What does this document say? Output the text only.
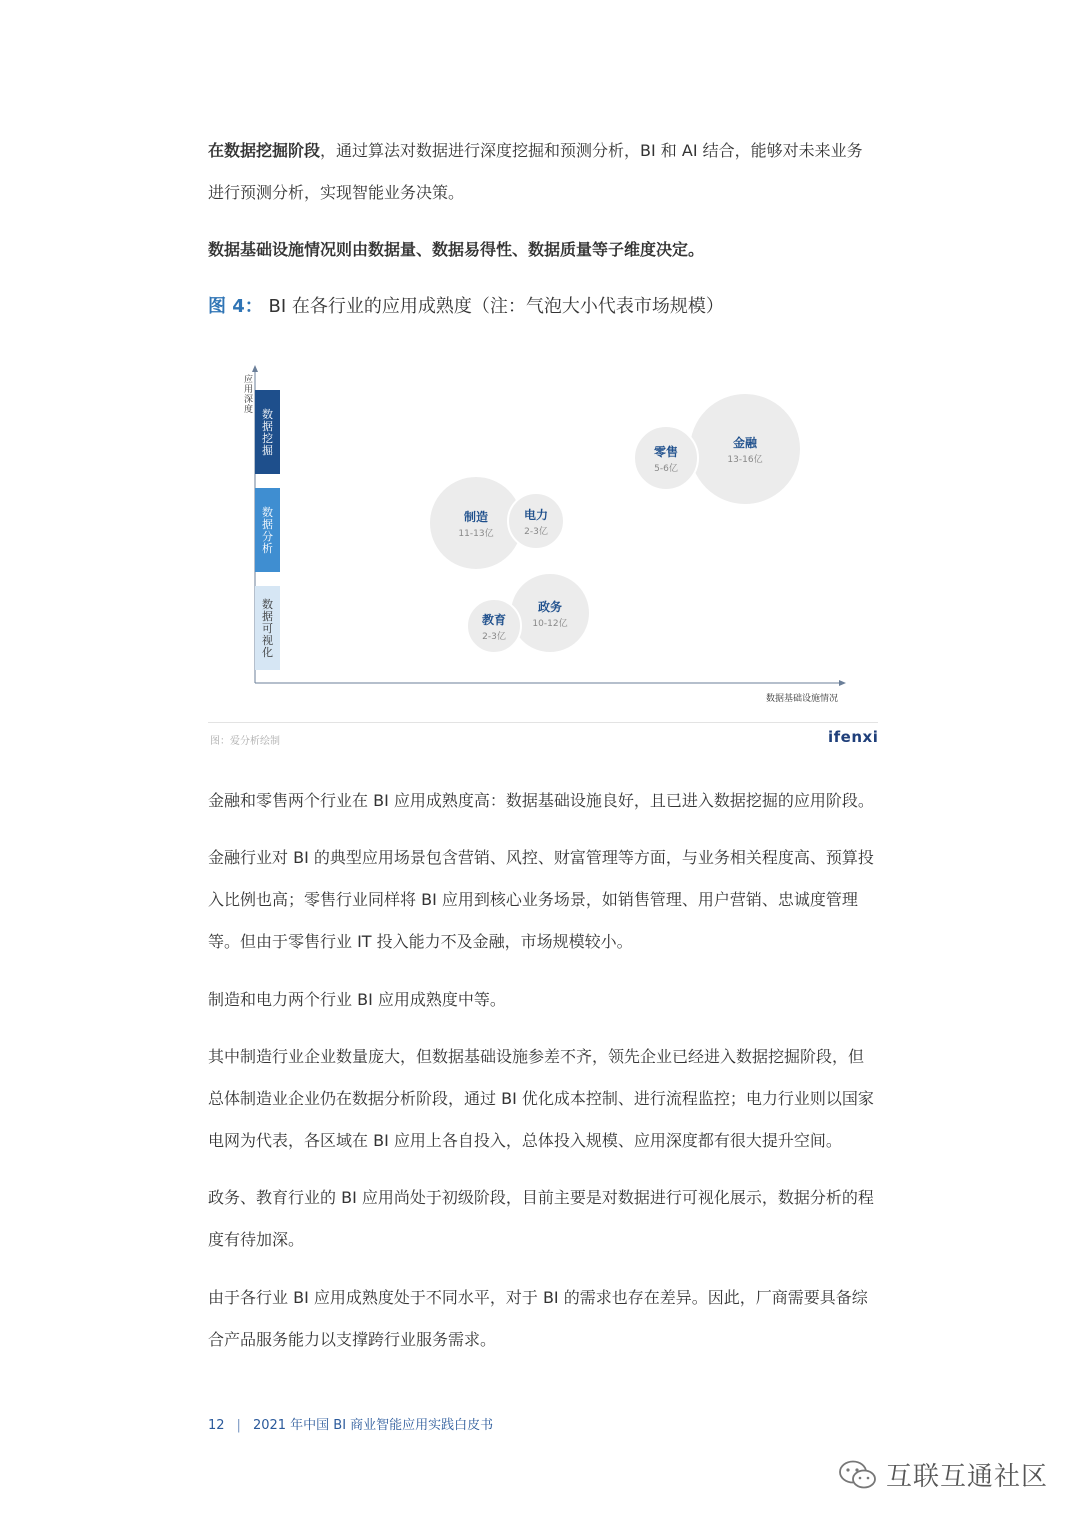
在数据挖掘阶段，通过算法对数据进行深度挖掘和预测分析，BI 和 AI 结合，能够对未来业务

进行预测分析，实现智能业务决策。

数据基础设施情况则由数据量、数据易得性、数据质量等子维度决定。

图 4： BI 在各行业的应用成熟度（注：气泡大小代表市场规模）
应用深度 数据挖掘
数据分析
数据可视化
金融
13-16亿
零售
5-6亿
制造
11-13亿
电力
2-3亿
政务
10-12亿
教育
2-3亿
数据基础设施情况
图：爱分析绘制	ifenxi
金融和零售两个行业在 BI 应用成熟度高：数据基础设施良好，且已进入数据挖掘的应用阶段。
金融行业对 BI 的典型应用场景包含营销、风控、财富管理等方面，与业务相关程度高、预算投入比例也高；零售行业同样将 BI 应用到核心业务场景，如销售管理、用户营销、忠诚度管理等。但由于零售行业 IT 投入能力不及金融，市场规模较小。
制造和电力两个行业 BI 应用成熟度中等。
其中制造行业企业数量庞大，但数据基础设施参差不齐，领先企业已经进入数据挖掘阶段，但总体制造业企业仍在数据分析阶段，通过 BI 优化成本控制、进行流程监控；电力行业则以国家电网为代表，各区域在 BI 应用上各自投入，总体投入规模、应用深度都有很大提升空间。
政务、教育行业的 BI 应用尚处于初级阶段，目前主要是对数据进行可视化展示，数据分析的程度有待加深。
由于各行业 BI 应用成熟度处于不同水平，对于 BI 的需求也存在差异。因此，厂商需要具备综合产品服务能力以支撑跨行业服务需求。
12 | 2021 年中国 BI 商业智能应用实践白皮书
互联互通社区
